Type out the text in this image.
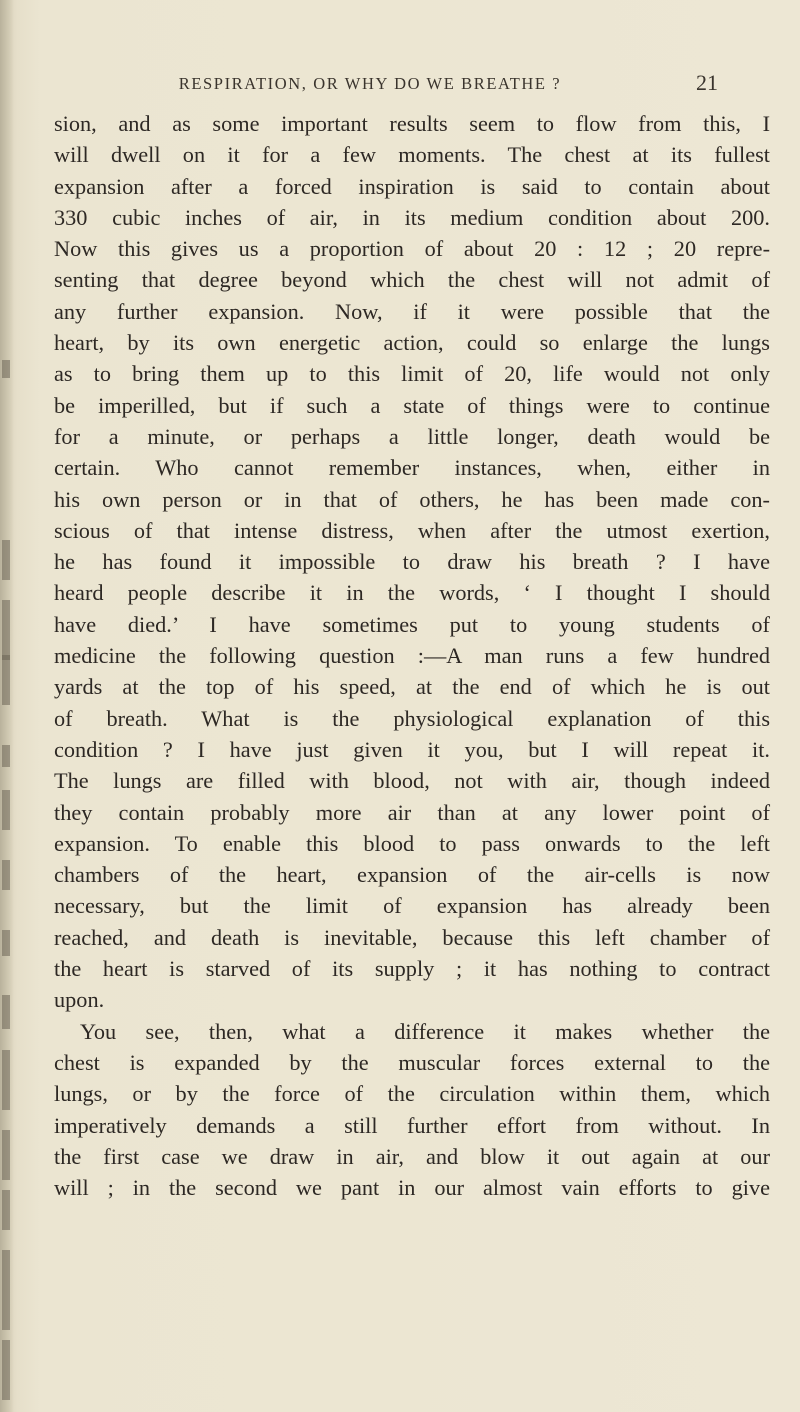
RESPIRATION, OR WHY DO WE BREATHE ?	21
sion, and as some important results seem to flow from this, I
will dwell on it for a few moments. The chest at its fullest
expansion after a forced inspiration is said to contain about
330 cubic inches of air, in its medium condition about 200.
Now this gives us a proportion of about 20 : 12 ; 20 repre-
senting that degree beyond which the chest will not admit of
any further expansion. Now, if it were possible that the
heart, by its own energetic action, could so enlarge the lungs
as to bring them up to this limit of 20, life would not only
be imperilled, but if such a state of things were to continue
for a minute, or perhaps a little longer, death would be
certain. Who cannot remember instances, when, either in
his own person or in that of others, he has been made con-
scious of that intense distress, when after the utmost exertion,
he has found it impossible to draw his breath ? I have
heard people describe it in the words, ‘ I thought I should
have died.’ I have sometimes put to young students of
medicine the following question :—A man runs a few hundred
yards at the top of his speed, at the end of which he is out
of breath. What is the physiological explanation of this
condition ? I have just given it you, but I will repeat it.
The lungs are filled with blood, not with air, though indeed
they contain probably more air than at any lower point of
expansion. To enable this blood to pass onwards to the left
chambers of the heart, expansion of the air-cells is now
necessary, but the limit of expansion has already been
reached, and death is inevitable, because this left chamber of
the heart is starved of its supply ; it has nothing to contract
upon.
You see, then, what a difference it makes whether the
chest is expanded by the muscular forces external to the
lungs, or by the force of the circulation within them, which
imperatively demands a still further effort from without. In
the first case we draw in air, and blow it out again at our
will ; in the second we pant in our almost vain efforts to give
